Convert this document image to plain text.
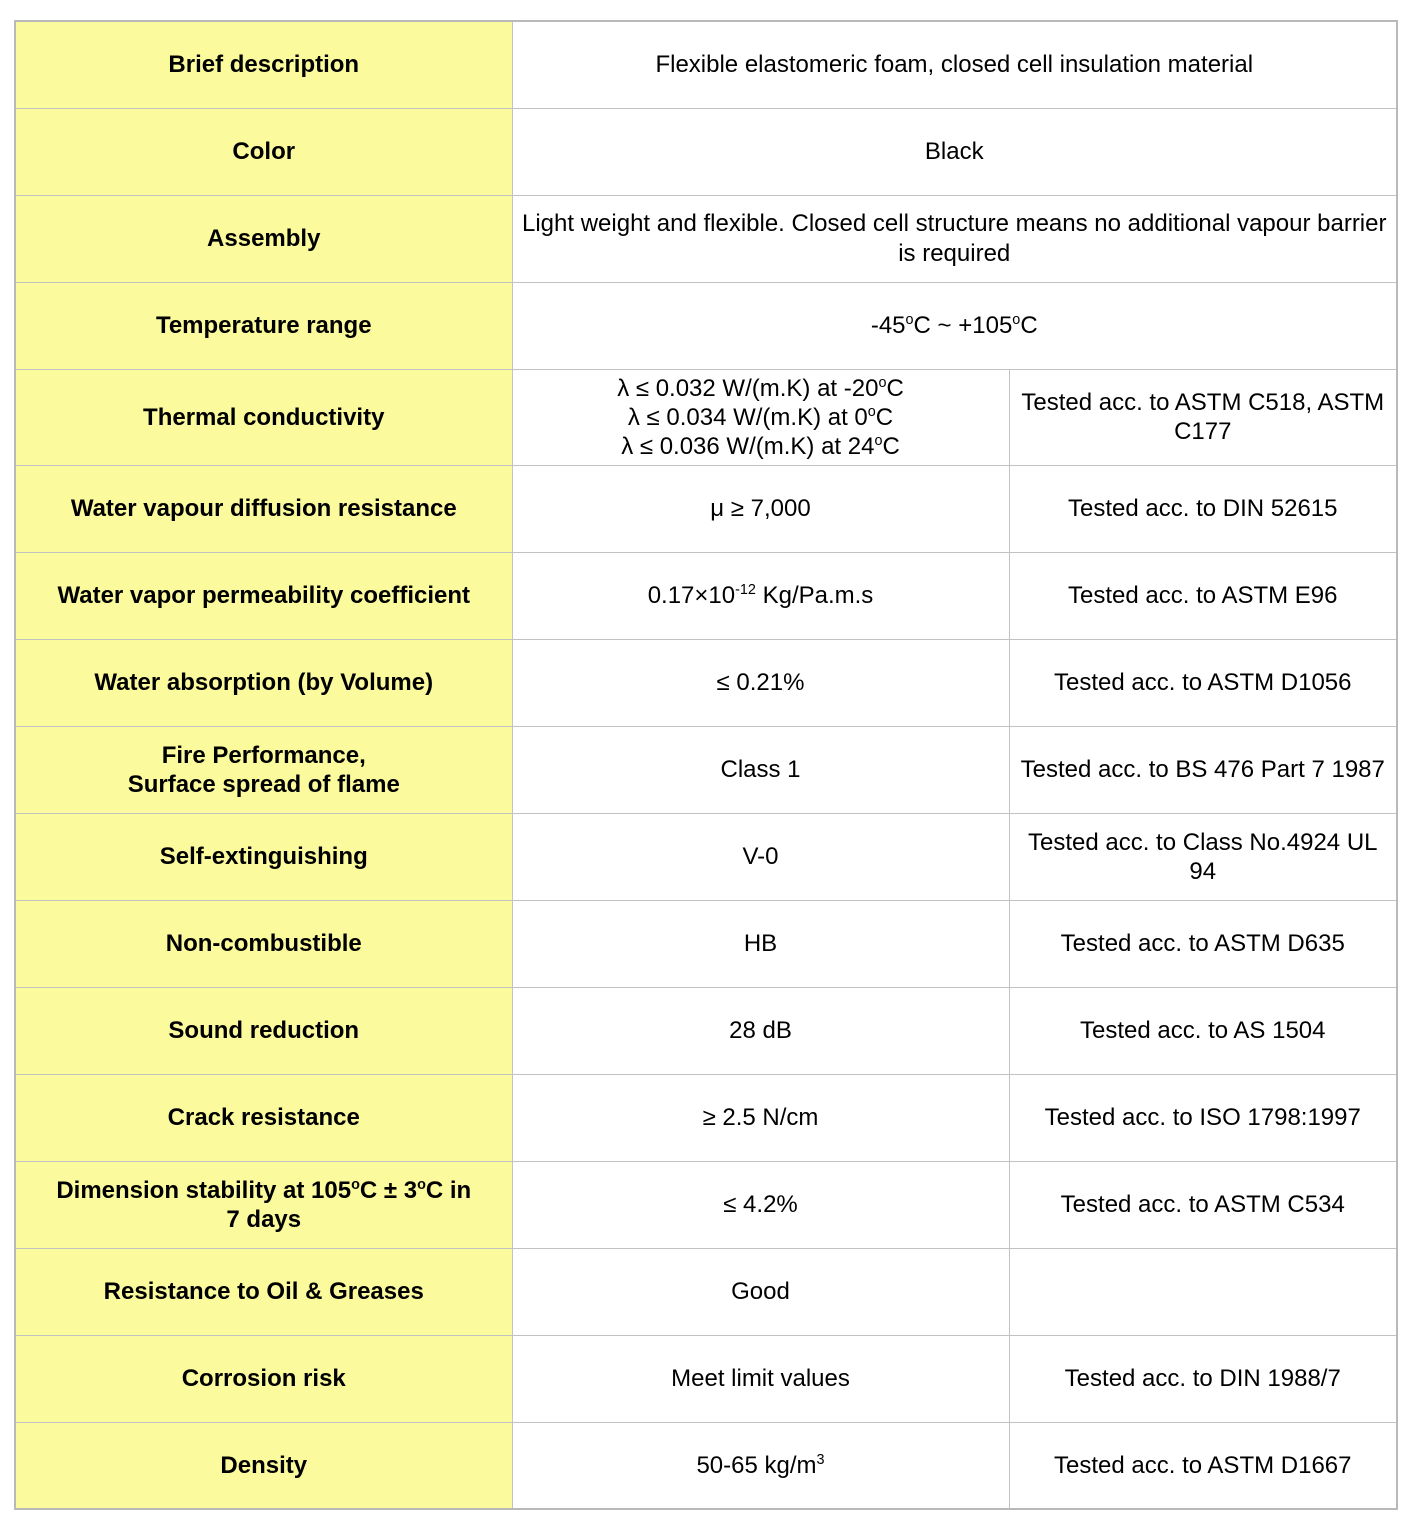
Brief description	Flexible elastomeric foam, closed cell insulation material	
Color	Black	
Assembly	Light weight and flexible. Closed cell structure means no additional vapour barrier is required	
Temperature range	-45$^o$C ~ $+105^oC$	
Thermal conductivity	λ ≤ 0.032 W/(m.K) at -20$^o$C
λ ≤ 0.034 W/(m.K) at 0$^o$C
λ ≤ 0.036 W/(m.K) at 24$^o$C	Tested acc. to ASTM C518, ASTM C177
Water vapour diffusion resistance	μ ≥ 7,000	Tested acc. to DIN 52615
Water vapor permeability coefficient	$0.17\times 10^{-12}$ Kg/Pa.m.s	Tested acc. to ASTM E96
Water absorption (by Volume)	≤ 0.21%	Tested acc. to ASTM D1056
Fire Performance,
Surface spread of flame	Class 1	Tested acc. to BS 476 Part 7 1987
Self-extinguishing	V-0	Tested acc. to Class No.4924 UL 94
Non-combustible	HB	Tested acc. to ASTM D635
Sound reduction	28 dB	Tested acc. to AS 1504
Crack resistance	≥ 2.5 N/cm	Tested acc. to ISO 1798:1997
Dimension stability at $105^oC \pm 3^oC$ in
7 days	≤ 4.2%	Tested acc. to ASTM C534
Resistance to Oil & Greases	Good	
Corrosion risk	Meet limit values	Tested acc. to DIN 1988/7
Density	50-65 $kg/m^3$	Tested acc. to ASTM D1667
